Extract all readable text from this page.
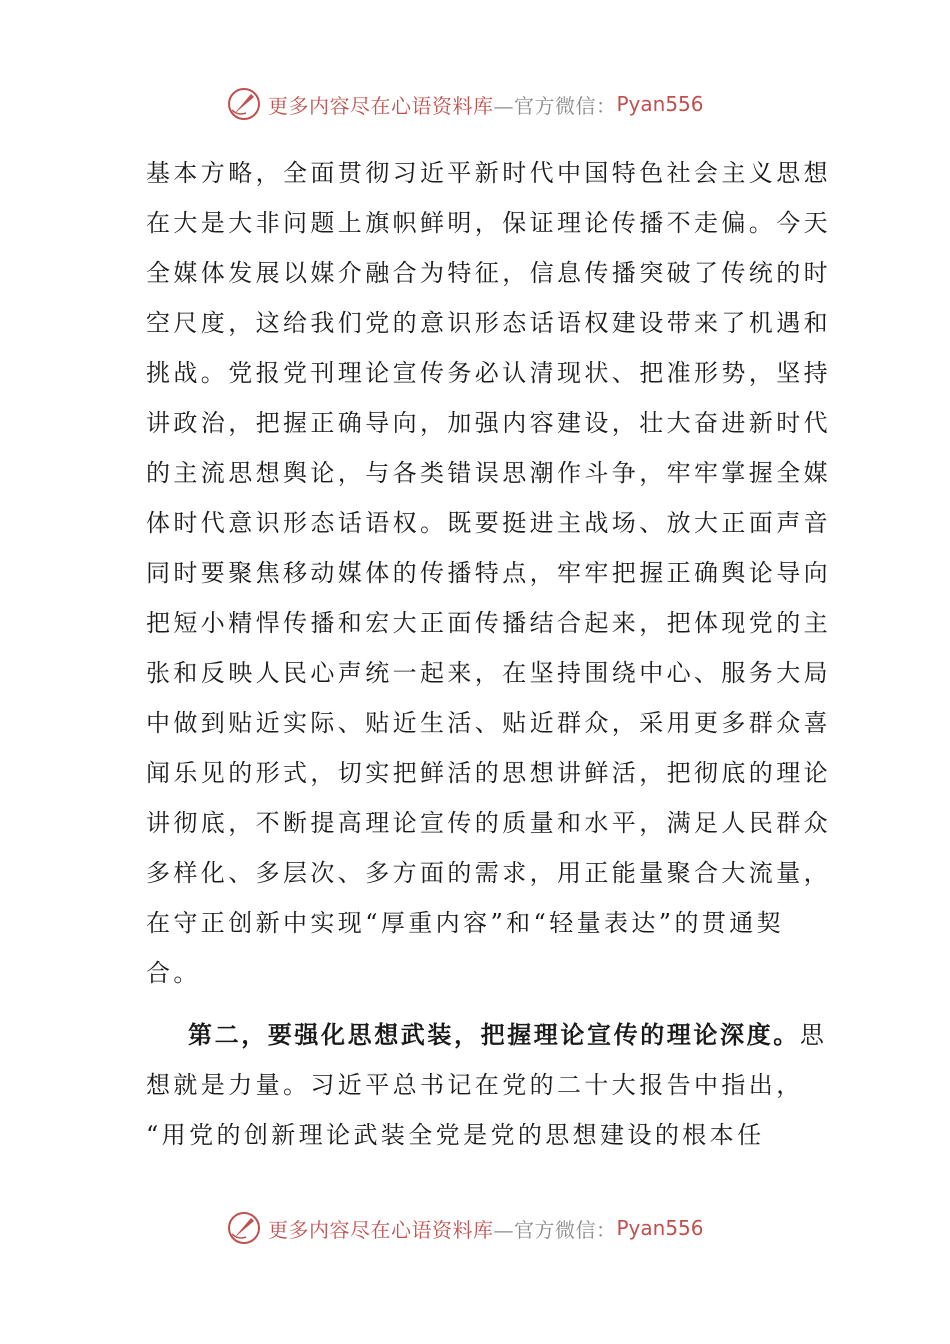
更多内容尽在心语资料库 —官方微信： Pyan556
基本方略，全面贯彻习近平新时代中国特色社会主义思想
在大是大非问题上旗帜鲜明，保证理论传播不走偏。今天
全媒体发展以媒介融合为特征，信息传播突破了传统的时
空尺度，这给我们党的意识形态话语权建设带来了机遇和
挑战。党报党刊理论宣传务必认清现状、把准形势，坚持
讲政治，把握正确导向，加强内容建设，壮大奋进新时代
的主流思想舆论，与各类错误思潮作斗争，牢牢掌握全媒
体时代意识形态话语权。既要挺进主战场、放大正面声音
同时要聚焦移动媒体的传播特点，牢牢把握正确舆论导向
把短小精悍传播和宏大正面传播结合起来，把体现党的主
张和反映人民心声统一起来，在坚持围绕中心、服务大局
中做到贴近实际、贴近生活、贴近群众，采用更多群众喜
闻乐见的形式，切实把鲜活的思想讲鲜活，把彻底的理论
讲彻底，不断提高理论宣传的质量和水平，满足人民群众
多样化、多层次、多方面的需求，用正能量聚合大流量，
在守正创新中实现“厚重内容”和“轻量表达”的贯通契
合。
第二，要强化思想武装，把握理论宣传的理论深度。思
想就是力量。习近平总书记在党的二十大报告中指出，
“用党的创新理论武装全党是党的思想建设的根本任
更多内容尽在心语资料库 —官方微信： Pyan556
